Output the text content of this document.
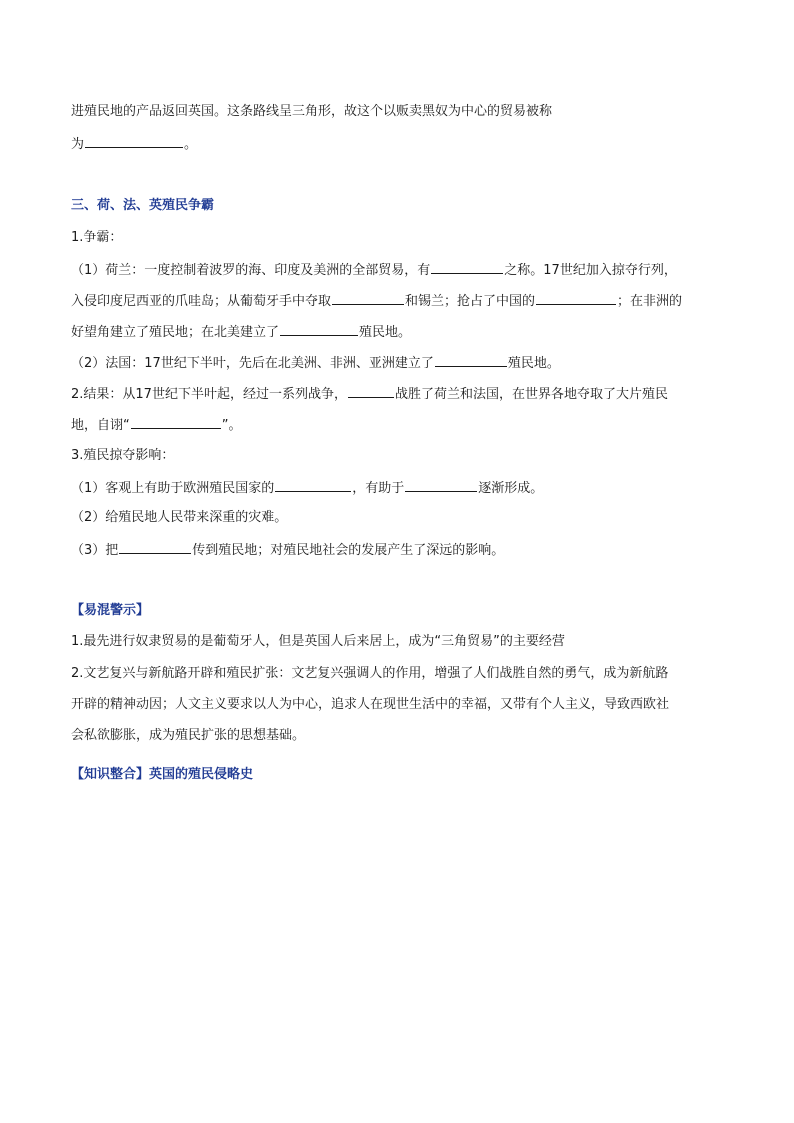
进殖民地的产品返回英国。这条路线呈三角形，故这个以贩卖黑奴为中心的贸易被称
为	。
三、荷、法、英殖民争霸
1.争霸：
（1）荷兰：一度控制着波罗的海、印度及美洲的全部贸易，有	之称。17世纪加入掠夺行列，
入侵印度尼西亚的爪哇岛；从葡萄牙手中夺取	和锡兰；抢占了中国的	；在非洲的
好望角建立了殖民地；在北美建立了	殖民地。
（2）法国：17世纪下半叶，先后在北美洲、非洲、亚洲建立了	殖民地。
2.结果：从17世纪下半叶起，经过一系列战争，	战胜了荷兰和法国，在世界各地夺取了大片殖民
地，自诩“	”。
3.殖民掠夺影响：
（1）客观上有助于欧洲殖民国家的	，有助于	逐渐形成。
（2）给殖民地人民带来深重的灾难。
（3）把	传到殖民地；对殖民地社会的发展产生了深远的影响。
【易混警示】
1.最先进行奴隶贸易的是葡萄牙人，但是英国人后来居上，成为“三角贸易”的主要经营
2.文艺复兴与新航路开辟和殖民扩张：文艺复兴强调人的作用，增强了人们战胜自然的勇气，成为新航路
开辟的精神动因；人文主义要求以人为中心，追求人在现世生活中的幸福，又带有个人主义，导致西欧社
会私欲膨胀，成为殖民扩张的思想基础。
【知识整合】英国的殖民侵略史
